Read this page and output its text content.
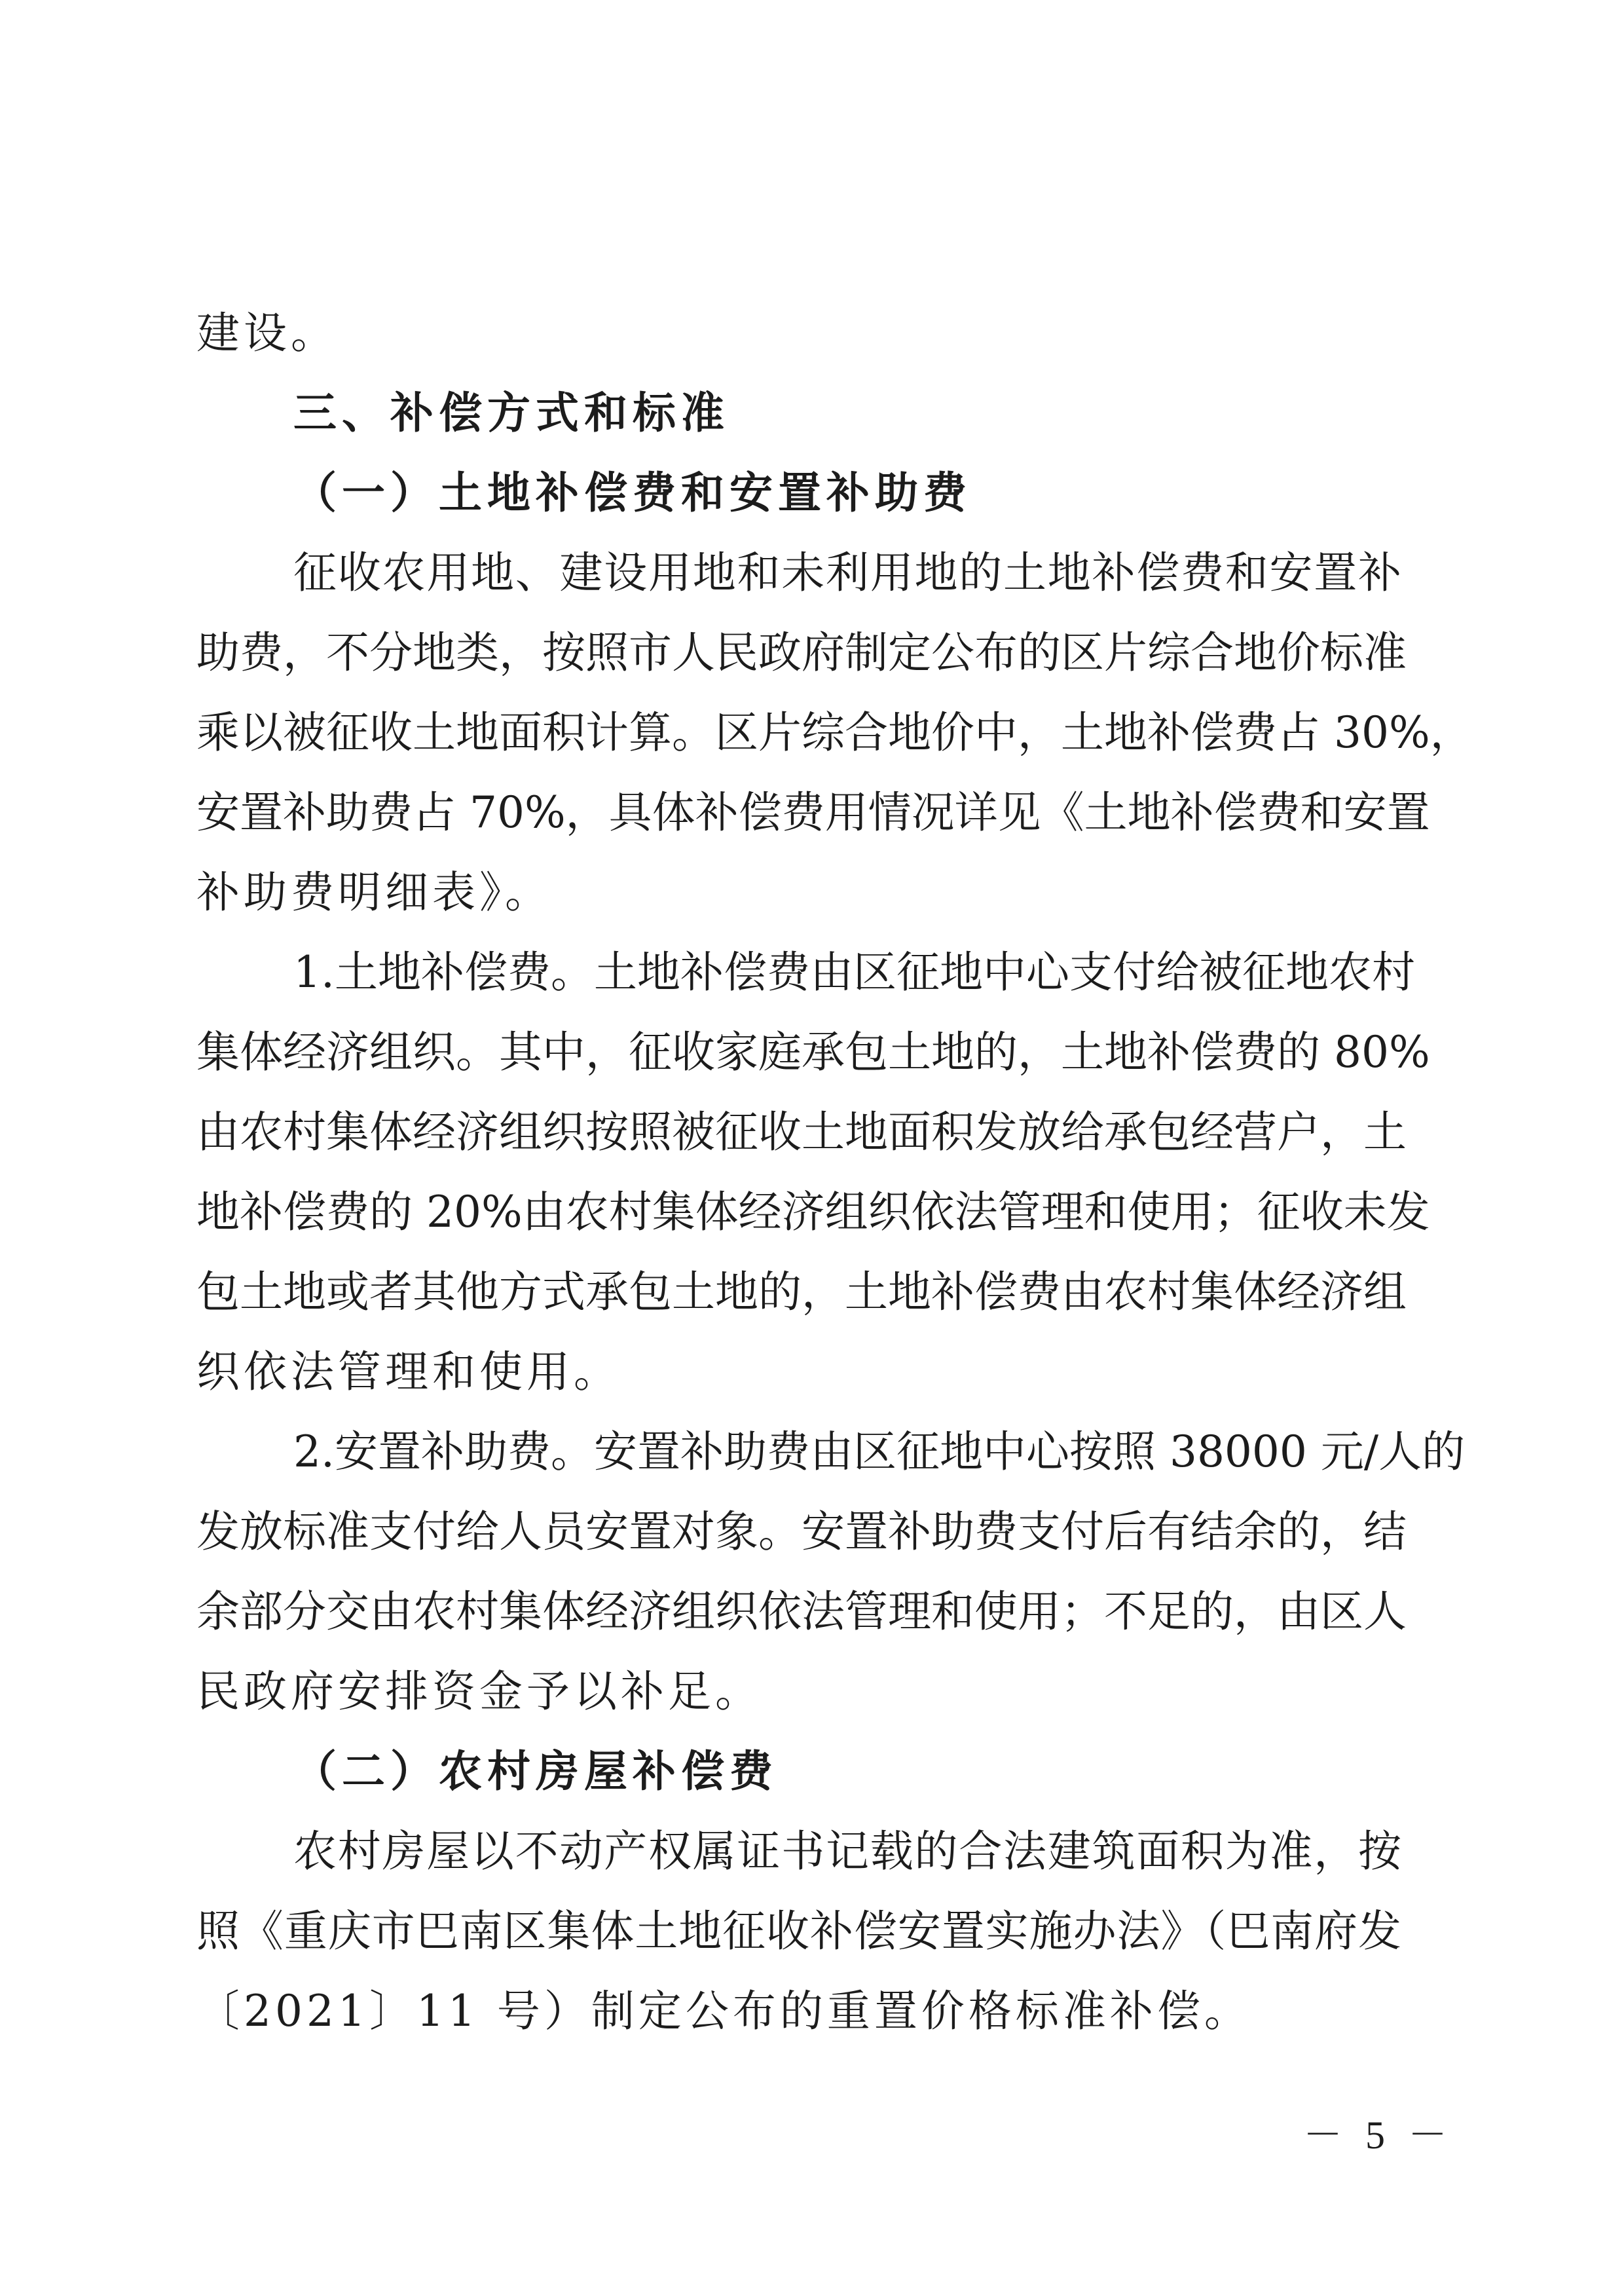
建设。
三、补偿方式和标准
（一）土地补偿费和安置补助费
征收农用地、建设用地和未利用地的土地补偿费和安置补
助费，不分地类，按照市人民政府制定公布的区片综合地价标准
乘以被征收土地面积计算。区片综合地价中，土地补偿费占 30%，
安置补助费占 70%，具体补偿费用情况详见《土地补偿费和安置
补助费明细表》。
1.土地补偿费。土地补偿费由区征地中心支付给被征地农村
集体经济组织。其中，征收家庭承包土地的，土地补偿费的 80%
由农村集体经济组织按照被征收土地面积发放给承包经营户，土
地补偿费的 20%由农村集体经济组织依法管理和使用；征收未发
包土地或者其他方式承包土地的，土地补偿费由农村集体经济组
织依法管理和使用。
2.安置补助费。安置补助费由区征地中心按照 38000 元/人的
发放标准支付给人员安置对象。安置补助费支付后有结余的，结
余部分交由农村集体经济组织依法管理和使用；不足的，由区人
民政府安排资金予以补足。
（二）农村房屋补偿费
农村房屋以不动产权属证书记载的合法建筑面积为准，按
照《重庆市巴南区集体土地征收补偿安置实施办法》（巴南府发
〔2021〕11 号）制定公布的重置价格标准补偿。
－ 5 －
